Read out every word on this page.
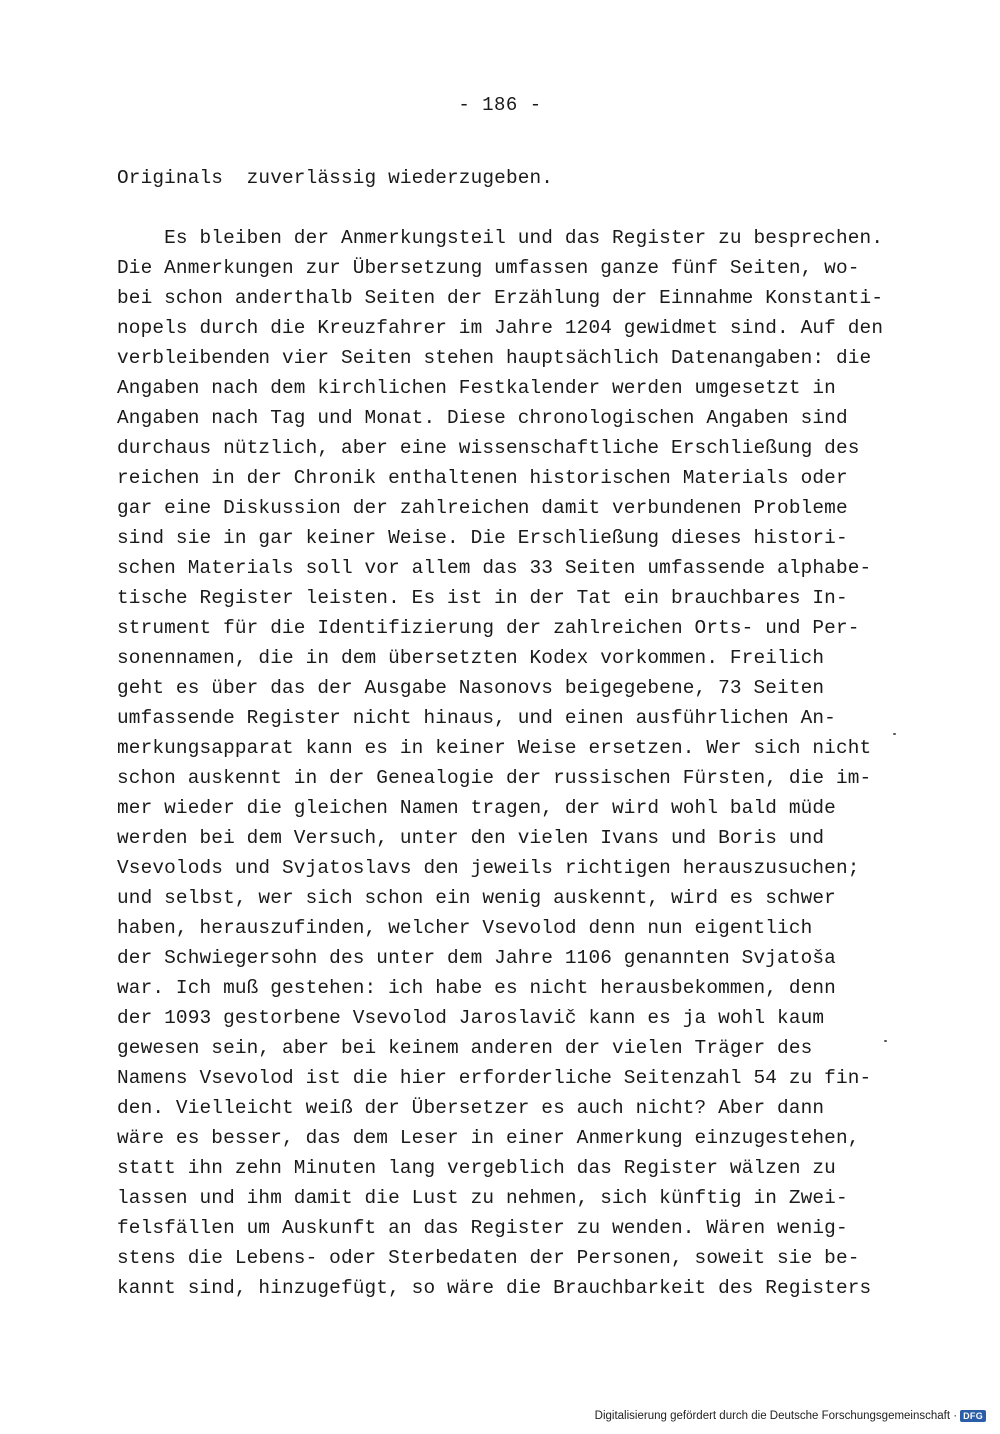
- 186 -
Originals  zuverlässig wiederzugeben.
Es bleiben der Anmerkungsteil und das Register zu besprechen.
Die Anmerkungen zur Übersetzung umfassen ganze fünf Seiten, wo-
bei schon anderthalb Seiten der Erzählung der Einnahme Konstanti-
nopels durch die Kreuzfahrer im Jahre 1204 gewidmet sind. Auf den
verbleibenden vier Seiten stehen hauptsächlich Datenangaben: die
Angaben nach dem kirchlichen Festkalender werden umgesetzt in
Angaben nach Tag und Monat. Diese chronologischen Angaben sind
durchaus nützlich, aber eine wissenschaftliche Erschließung des
reichen in der Chronik enthaltenen historischen Materials oder
gar eine Diskussion der zahlreichen damit verbundenen Probleme
sind sie in gar keiner Weise. Die Erschließung dieses histori-
schen Materials soll vor allem das 33 Seiten umfassende alphabe-
tische Register leisten. Es ist in der Tat ein brauchbares In-
strument für die Identifizierung der zahlreichen Orts- und Per-
sonennamen, die in dem übersetzten Kodex vorkommen. Freilich
geht es über das der Ausgabe Nasonovs beigegebene, 73 Seiten
umfassende Register nicht hinaus, und einen ausführlichen An-
merkungsapparat kann es in keiner Weise ersetzen. Wer sich nicht
schon auskennt in der Genealogie der russischen Fürsten, die im-
mer wieder die gleichen Namen tragen, der wird wohl bald müde
werden bei dem Versuch, unter den vielen Ivans und Boris und
Vsevolods und Svjatoslavs den jeweils richtigen herauszusuchen;
und selbst, wer sich schon ein wenig auskennt, wird es schwer
haben, herauszufinden, welcher Vsevolod denn nun eigentlich
der Schwiegersohn des unter dem Jahre 1106 genannten Svjatoša
war. Ich muß gestehen: ich habe es nicht herausbekommen, denn
der 1093 gestorbene Vsevolod Jaroslavič kann es ja wohl kaum
gewesen sein, aber bei keinem anderen der vielen Träger des
Namens Vsevolod ist die hier erforderliche Seitenzahl 54 zu fin-
den. Vielleicht weiß der Übersetzer es auch nicht? Aber dann
wäre es besser, das dem Leser in einer Anmerkung einzugestehen,
statt ihn zehn Minuten lang vergeblich das Register wälzen zu
lassen und ihm damit die Lust zu nehmen, sich künftig in Zwei-
felsfällen um Auskunft an das Register zu wenden. Wären wenig-
stens die Lebens- oder Sterbedaten der Personen, soweit sie be-
kannt sind, hinzugefügt, so wäre die Brauchbarkeit des Registers
Digitalisierung gefördert durch die Deutsche Forschungsgemeinschaft · DFG
